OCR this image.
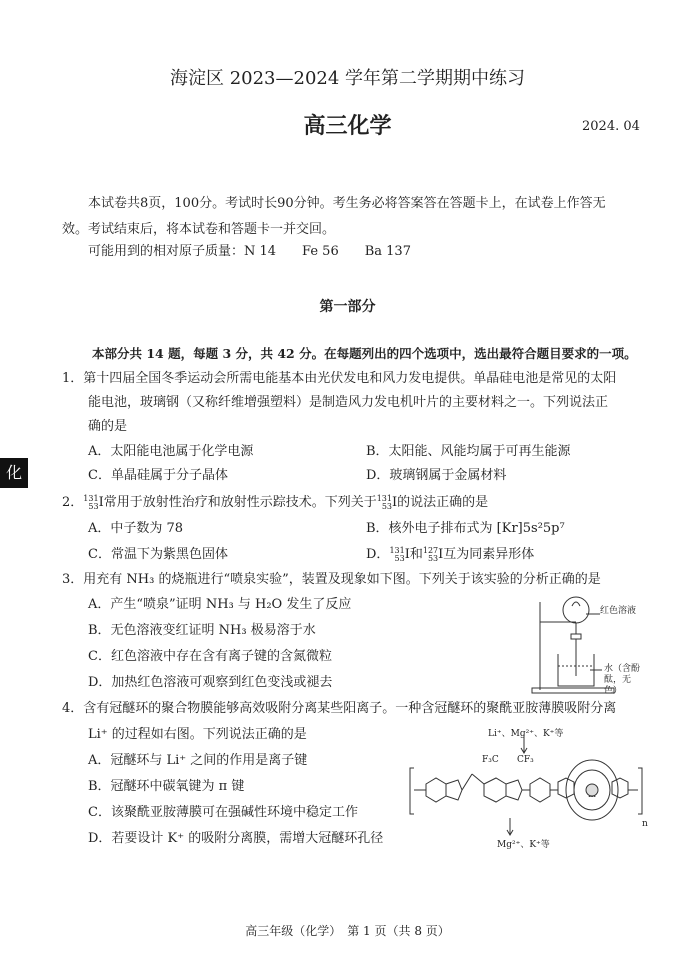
海淀区 2023—2024 学年第二学期期中练习
高三化学	2024. 04
本试卷共8页，100分。考试时长90分钟。考生务必将答案答在答题卡上，在试卷上作答无
效。考试结束后，将本试卷和答题卡一并交回。
可能用到的相对原子质量：N 14　　Fe 56　　Ba 137
第一部分
本部分共 14 题，每题 3 分，共 42 分。在每题列出的四个选项中，选出最符合题目要求的一项。
化
1．第十四届全国冬季运动会所需电能基本由光伏发电和风力发电提供。单晶硅电池是常见的太阳
能电池，玻璃钢（又称纤维增强塑料）是制造风力发电机叶片的主要材料之一。下列说法正
确的是
A．太阳能电池属于化学电源	B．太阳能、风能均属于可再生能源
C．单晶硅属于分子晶体	D．玻璃钢属于金属材料
2． 131
53 I常用于放射性治疗和放射性示踪技术。下列关于 131
53 I的说法正确的是
A．中子数为 78	B．核外电子排布式为 [Kr]5s²5p⁷
C．常温下为紫黑色固体	D． 131
53 I和 127
53 I互为同素异形体
3．用充有 NH₃ 的烧瓶进行“喷泉实验”，装置及现象如下图。下列关于该实验的分析正确的是
A．产生“喷泉”证明 NH₃ 与 H₂O 发生了反应
B．无色溶液变红证明 NH₃ 极易溶于水
C．红色溶液中存在含有离子键的含氮微粒
D．加热红色溶液可观察到红色变浅或褪去
红色溶液
水（含酚酞，无色）
4．含有冠醚环的聚合物膜能够高效吸附分离某些阳离子。一种含冠醚环的聚酰亚胺薄膜吸附分离
Li⁺ 的过程如右图。下列说法正确的是
A．冠醚环与 Li⁺ 之间的作用是离子键
B．冠醚环中碳氧键为 π 键
C．该聚酰亚胺薄膜可在强碱性环境中稳定工作
D．若要设计 K⁺ 的吸附分离膜，需增大冠醚环孔径
Li⁺、Mg²⁺、K⁺等
Mg²⁺、K⁺等
F₃C CF₃
n
高三年级（化学）　第 1 页（共 8 页）
